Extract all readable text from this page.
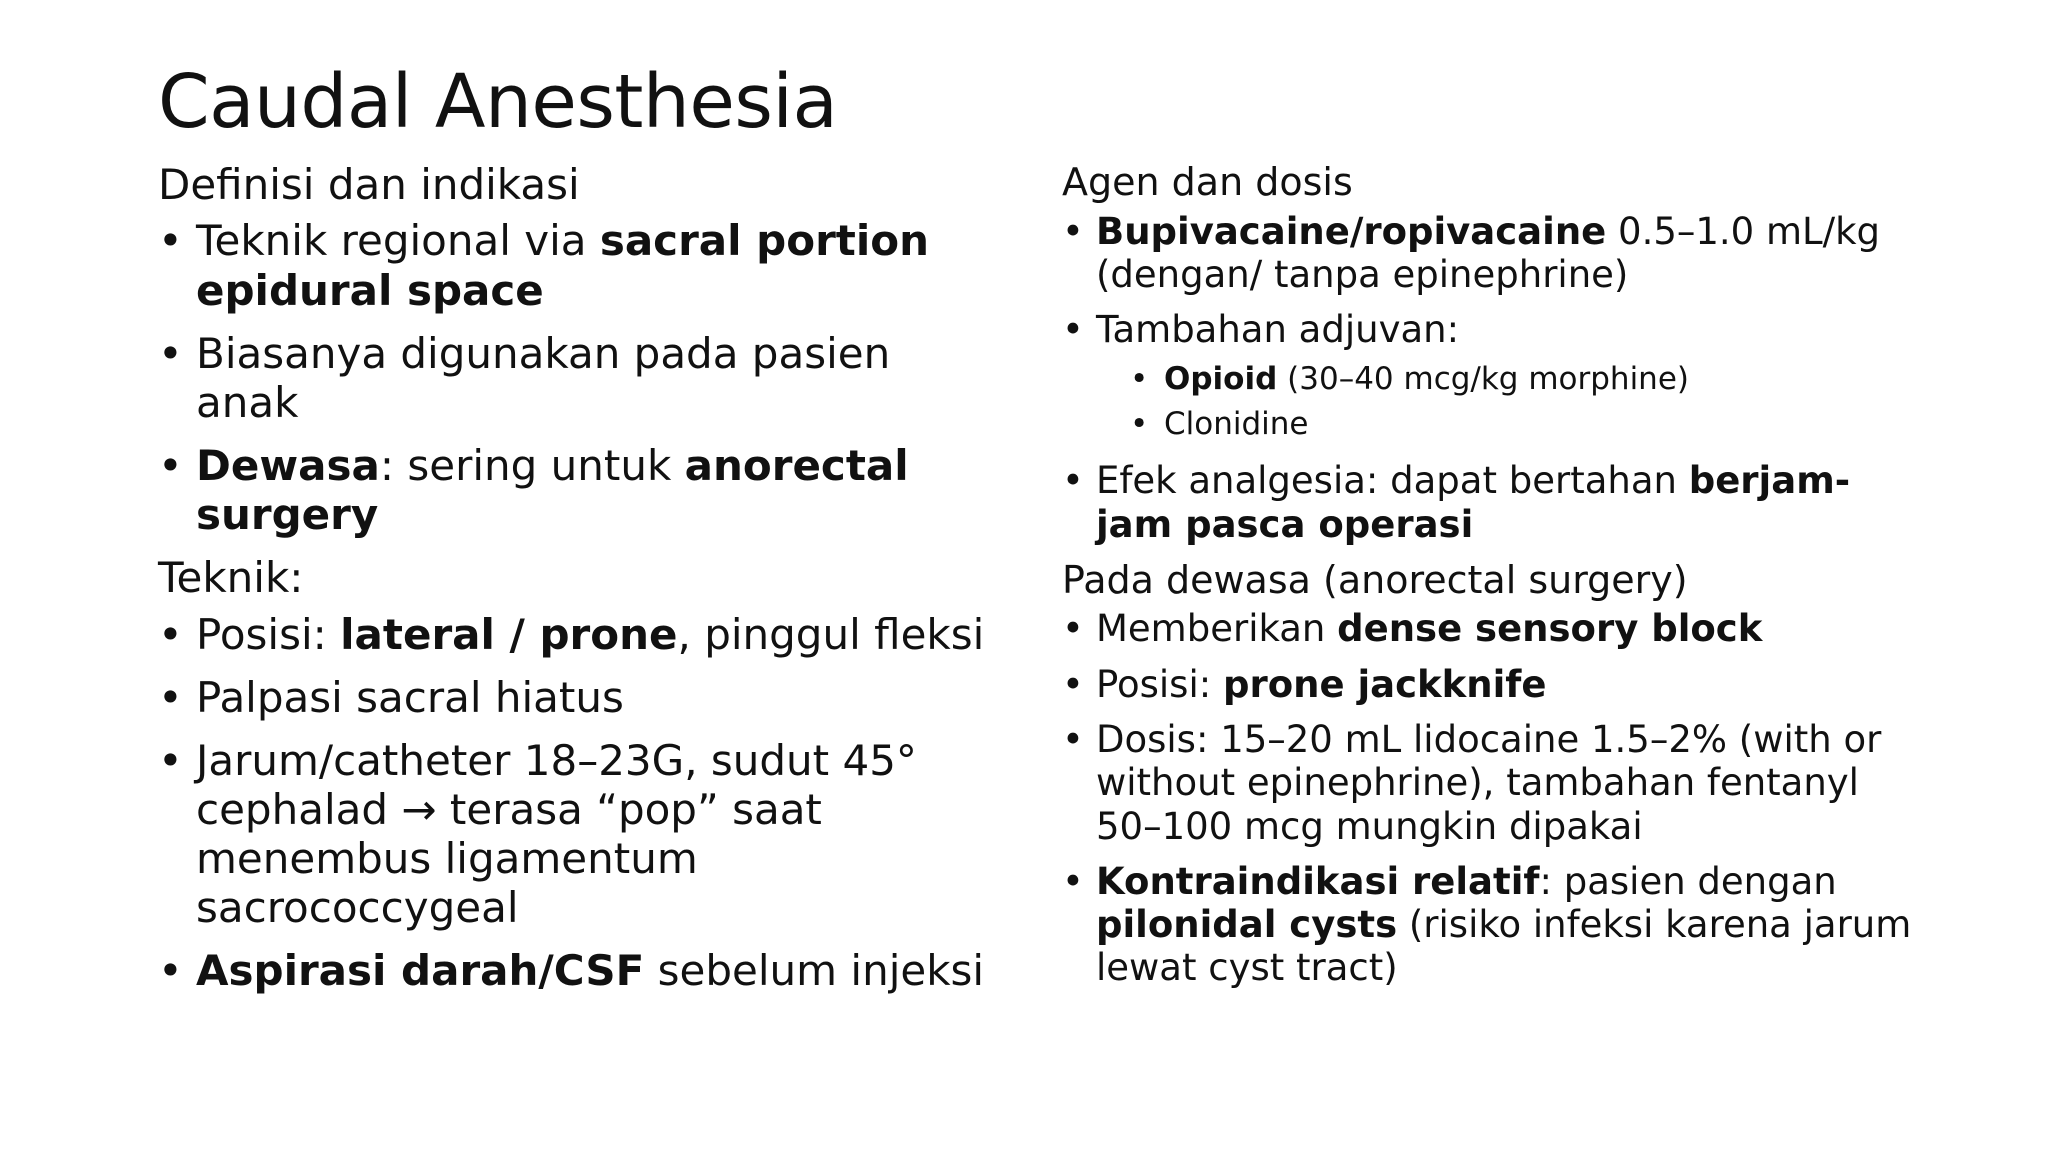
Caudal Anesthesia

Definisi dan indikasi

• Teknik regional via sacral portion epidural space
• Biasanya digunakan pada pasien anak
• Dewasa: sering untuk anorectal surgery

Teknik:

• Posisi: lateral / prone, pinggul fleksi
• Palpasi sacral hiatus
• Jarum/catheter 18–23G, sudut 45° cephalad → terasa “pop” saat menembus ligamentum sacrococcygeal
• Aspirasi darah/CSF sebelum injeksi

Agen dan dosis

• Bupivacaine/ropivacaine 0.5–1.0 mL/kg (dengan/ tanpa epinephrine)
• Tambahan adjuvan:
• Opioid (30–40 mcg/kg morphine)
• Clonidine
• Efek analgesia: dapat bertahan berjam-jam pasca operasi

Pada dewasa (anorectal surgery)

• Memberikan dense sensory block
• Posisi: prone jackknife
• Dosis: 15–20 mL lidocaine 1.5–2% (with or without epinephrine), tambahan fentanyl 50–100 mcg mungkin dipakai
• Kontraindikasi relatif: pasien dengan pilonidal cysts (risiko infeksi karena jarum lewat cyst tract)
